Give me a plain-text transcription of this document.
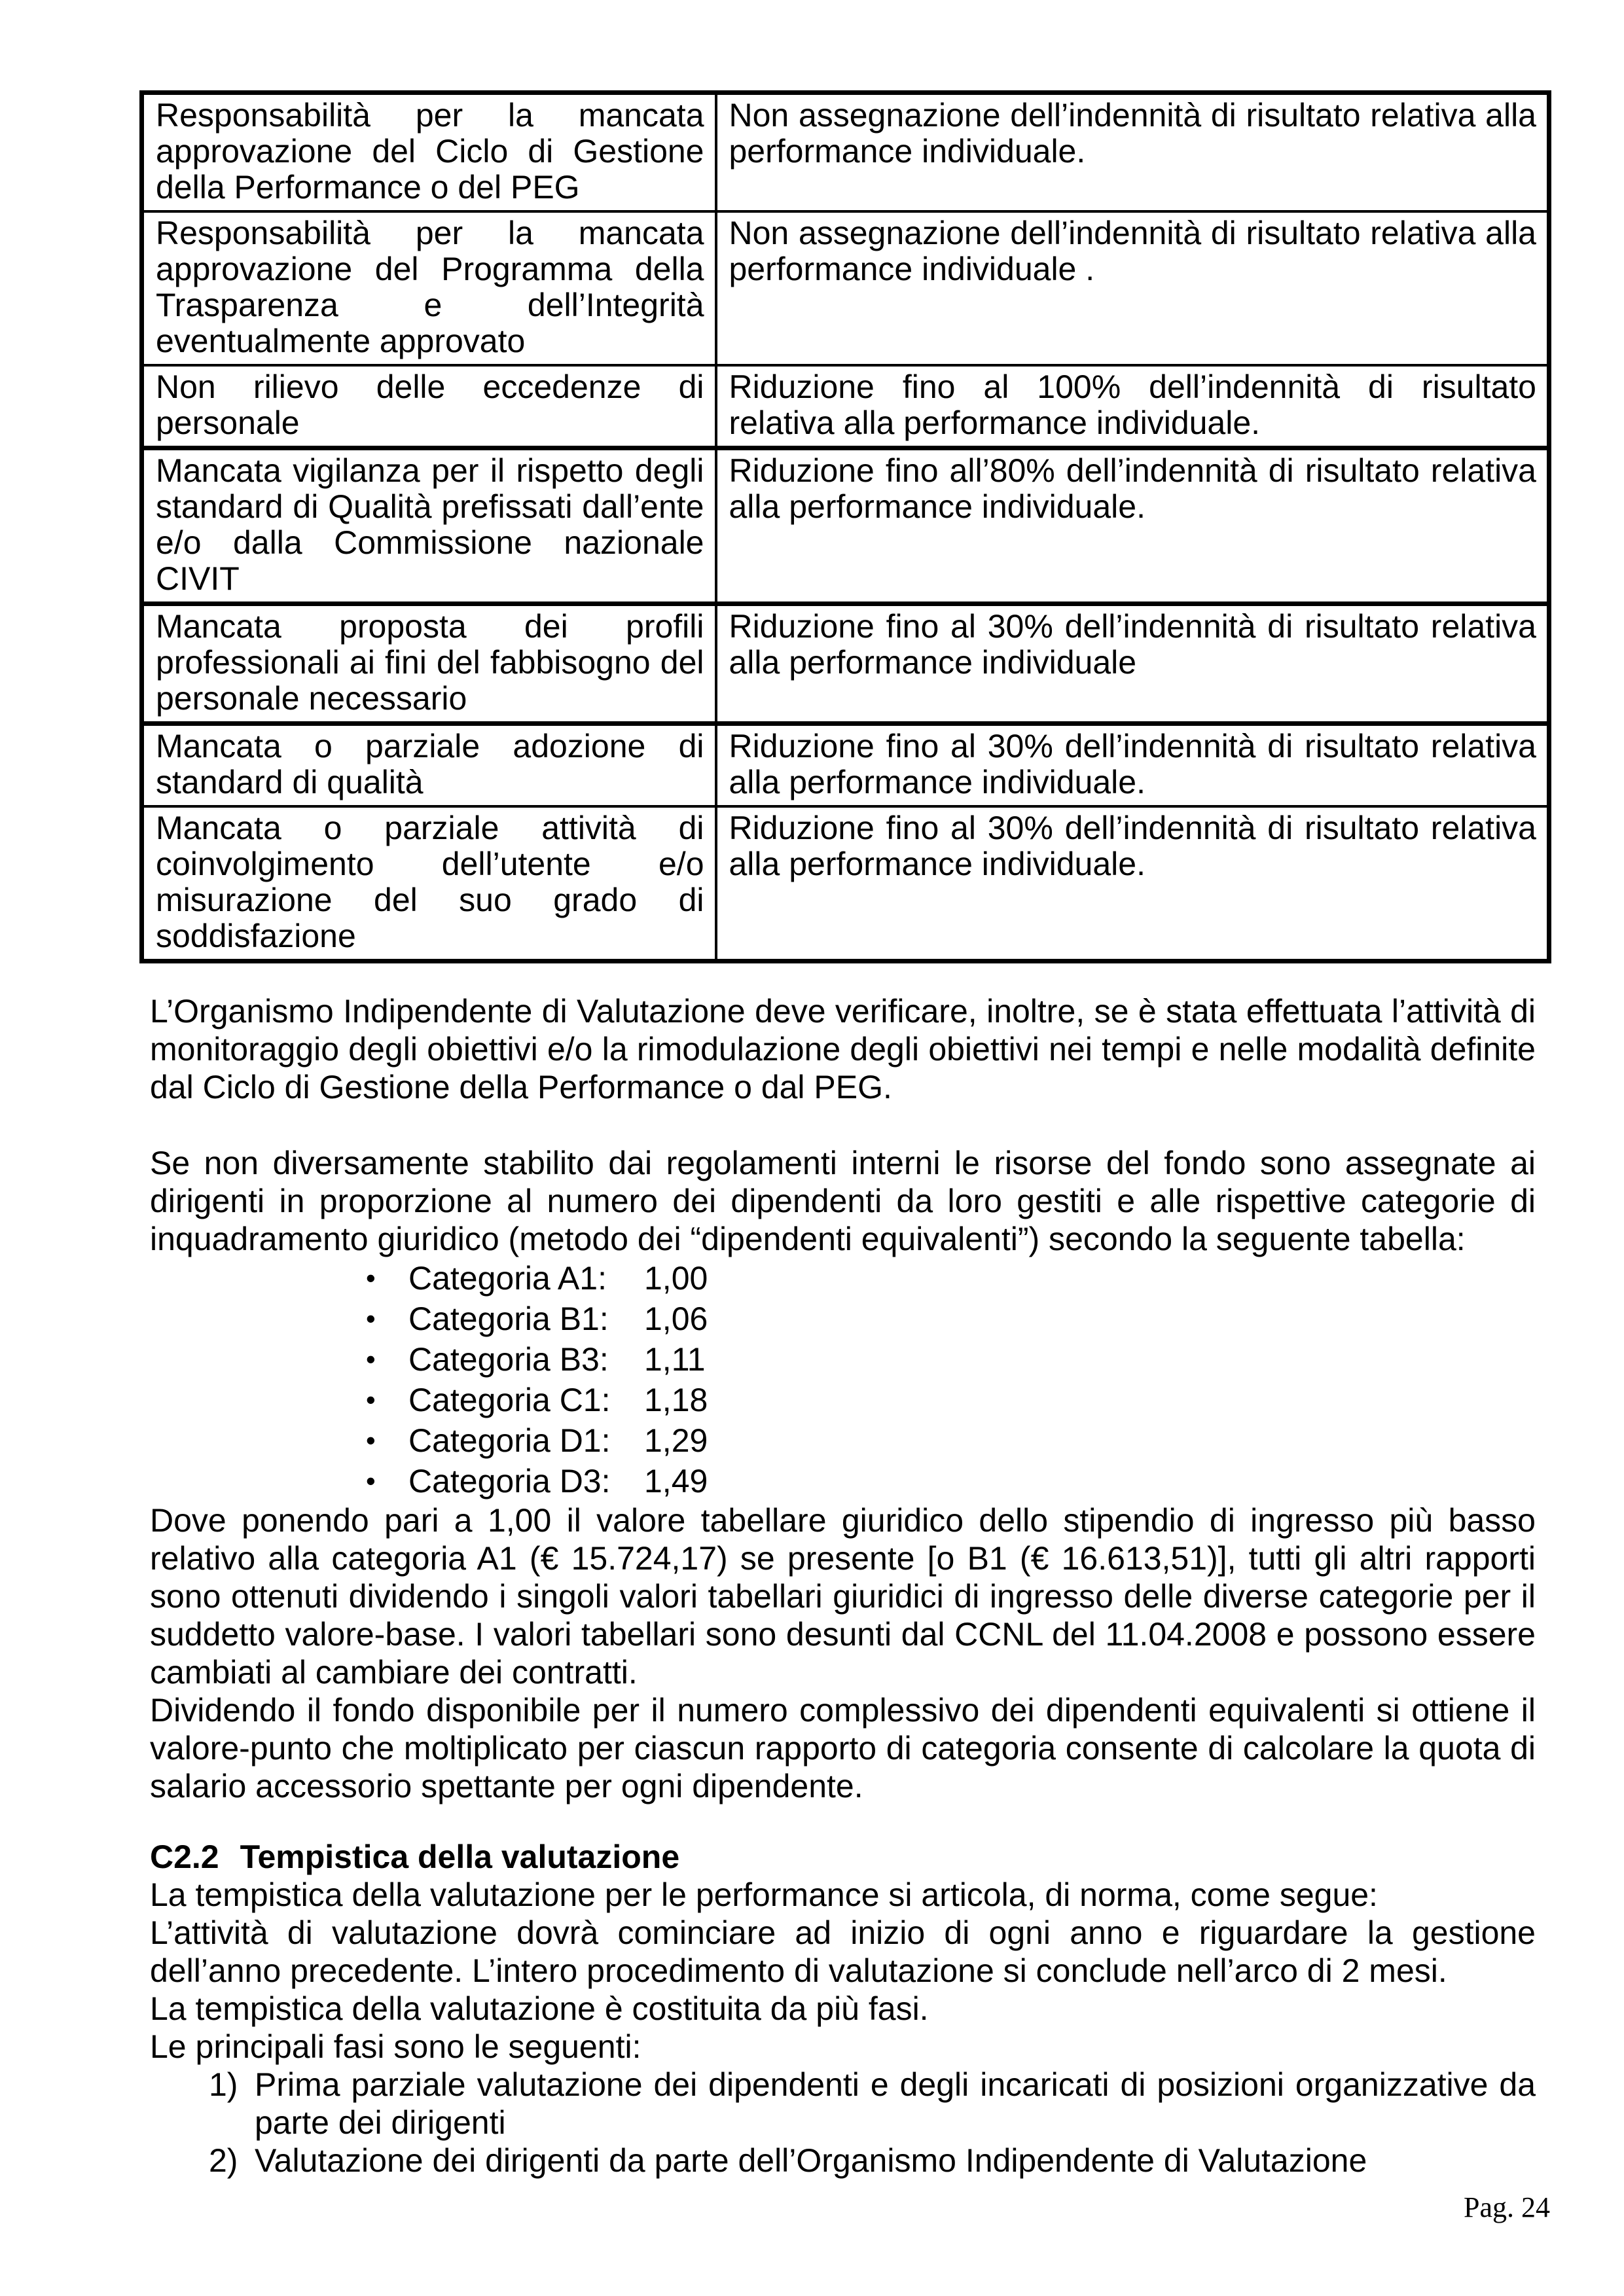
Responsabilità per la mancata approvazione del Ciclo di Gestione della Performance o del PEG	Non assegnazione dell’indennità di risultato relativa alla performance individuale.
Responsabilità per la mancata approvazione del Programma della Trasparenza e dell’Integrità eventualmente approvato	Non assegnazione dell’indennità di risultato relativa alla performance individuale .
Non rilievo delle eccedenze di personale	Riduzione fino al 100% dell’indennità di risultato relativa alla performance individuale.
Mancata vigilanza per il rispetto degli standard di Qualità prefissati dall’ente e/o dalla Commissione nazionale CIVIT	Riduzione fino all’80% dell’indennità di risultato relativa alla performance individuale.
Mancata proposta dei profili professionali ai fini del fabbisogno del personale necessario	Riduzione fino al 30% dell’indennità di risultato relativa alla performance individuale
Mancata o parziale adozione di standard di qualità	Riduzione fino al 30% dell’indennità di risultato relativa alla performance individuale.
Mancata o parziale attività di coinvolgimento dell’utente e/o misurazione del suo grado di soddisfazione	Riduzione fino al 30% dell’indennità di risultato relativa alla performance individuale.

L’Organismo Indipendente di Valutazione deve verificare, inoltre, se è stata effettuata l’attività di monitoraggio degli obiettivi e/o la rimodulazione degli obiettivi nei tempi e nelle modalità definite dal Ciclo di Gestione della Performance o dal PEG.

Se non diversamente stabilito dai regolamenti interni le risorse del fondo sono assegnate ai dirigenti in proporzione al numero dei dipendenti da loro gestiti e alle rispettive categorie di inquadramento giuridico (metodo dei “dipendenti equivalenti”) secondo la seguente tabella:

•	Categoria A1:	1,00
•	Categoria B1:	1,06
•	Categoria B3:	1,11
•	Categoria C1:	1,18
•	Categoria D1:	1,29
•	Categoria D3:	1,49

Dove ponendo pari a 1,00 il valore tabellare giuridico dello stipendio di ingresso più basso relativo alla categoria A1 (€ 15.724,17) se presente [o B1 (€ 16.613,51)], tutti gli altri rapporti sono ottenuti dividendo i singoli valori tabellari giuridici di ingresso delle diverse categorie per il suddetto valore-base. I valori tabellari sono desunti dal CCNL del 11.04.2008 e possono essere cambiati al cambiare dei contratti.

Dividendo il fondo disponibile per il numero complessivo dei dipendenti equivalenti si ottiene il valore-punto che moltiplicato per ciascun rapporto di categoria consente di calcolare la quota di salario accessorio spettante per ogni dipendente.

C2.2 Tempistica della valutazione

La tempistica della valutazione per le performance si articola, di norma, come segue:

L’attività di valutazione dovrà cominciare ad inizio di ogni anno e riguardare la gestione dell’anno precedente. L’intero procedimento di valutazione si conclude nell’arco di 2 mesi.

La tempistica della valutazione è costituita da più fasi.

Le principali fasi sono le seguenti:

1) Prima parziale valutazione dei dipendenti e degli incaricati di posizioni organizzative da parte dei dirigenti
2) Valutazione dei dirigenti da parte dell’Organismo Indipendente di Valutazione
Pag. 24
